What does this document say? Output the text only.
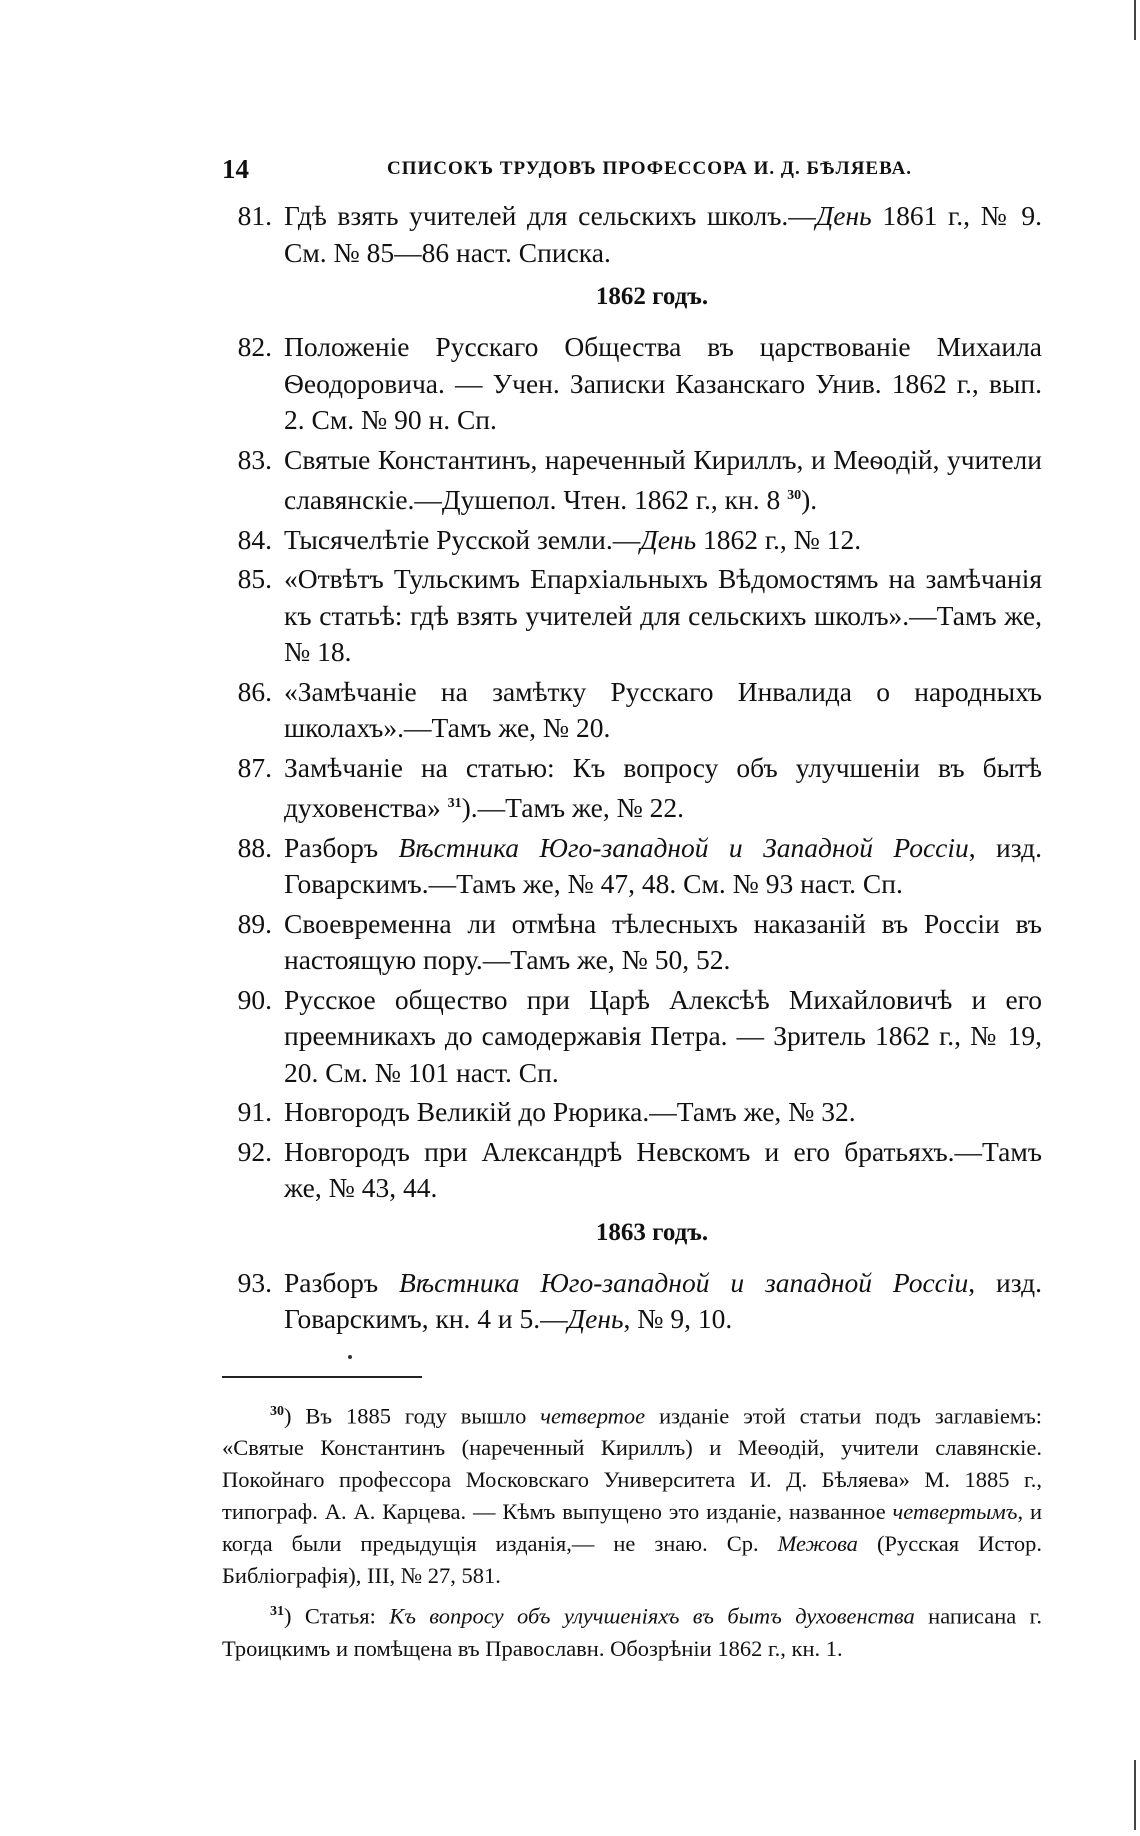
14	СПИСОКЪ ТРУДОВЪ ПРОФЕССОРА И. Д. БѢЛЯЕВА.
81. Гдѣ взять учителей для сельскихъ школъ.—День 1861 г., № 9. См. № 85—86 наст. Списка.
1862 годъ.
82. Положеніе Русскаго Общества въ царствованіе Михаила Ѳеодоровича. — Учен. Записки Казанскаго Унив. 1862 г., вып. 2. См. № 90 н. Сп.
83. Святые Константинъ, нареченный Кириллъ, и Меѳодій, учители славянскіе.—Душепол. Чтен. 1862 г., кн. 8 $^{30}$).
84. Тысячелѣтіе Русской земли.—День 1862 г., № 12.
85. «Отвѣтъ Тульскимъ Епархіальныхъ Вѣдомостямъ на замѣчанія къ статьѣ: гдѣ взять учителей для сельскихъ школъ».—Тамъ же, № 18.
86. «Замѣчаніе на замѣтку Русскаго Инвалида о народныхъ школахъ».—Тамъ же, № 20.
87. Замѣчаніе на статью: Къ вопросу объ улучшеніи въ бытѣ духовенства» $^{31}$).—Тамъ же, № 22.
88. Разборъ Вѣстника Юго-западной и Западной Россіи, изд. Говарскимъ.—Тамъ же, № 47, 48. См. № 93 наст. Сп.
89. Своевременна ли отмѣна тѣлесныхъ наказаній въ Россіи въ настоящую пору.—Тамъ же, № 50, 52.
90. Русское общество при Царѣ Алексѣѣ Михайловичѣ и его преемникахъ до самодержавія Петра. — Зритель 1862 г., № 19, 20. См. № 101 наст. Сп.
91. Новгородъ Великій до Рюрика.—Тамъ же, № 32.
92. Новгородъ при Александрѣ Невскомъ и его братьяхъ.—Тамъ же, № 43, 44.
1863 годъ.
93. Разборъ Вѣстника Юго-западной и западной Россіи, изд. Говарскимъ, кн. 4 и 5.—День, № 9, 10.
$^{30}$) Въ 1885 году вышло четвертое изданіе этой статьи подъ заглавіемъ: «Святые Константинъ (нареченный Кириллъ) и Меѳодій, учители славянскіе. Покойнаго профессора Московскаго Университета И. Д. Бѣляева» М. 1885 г., типограф. А. А. Карцева. — Кѣмъ выпущено это изданіе, названное четвертымъ, и когда были предыдущія изданія,— не знаю. Ср. Межова (Русская Истор. Библіографія), III, № 27, 581.
$^{31}$) Статья: Къ вопросу объ улучшеніяхъ въ бытъ духовенства написана г. Троицкимъ и помѣщена въ Православн. Обозрѣніи 1862 г., кн. 1.
